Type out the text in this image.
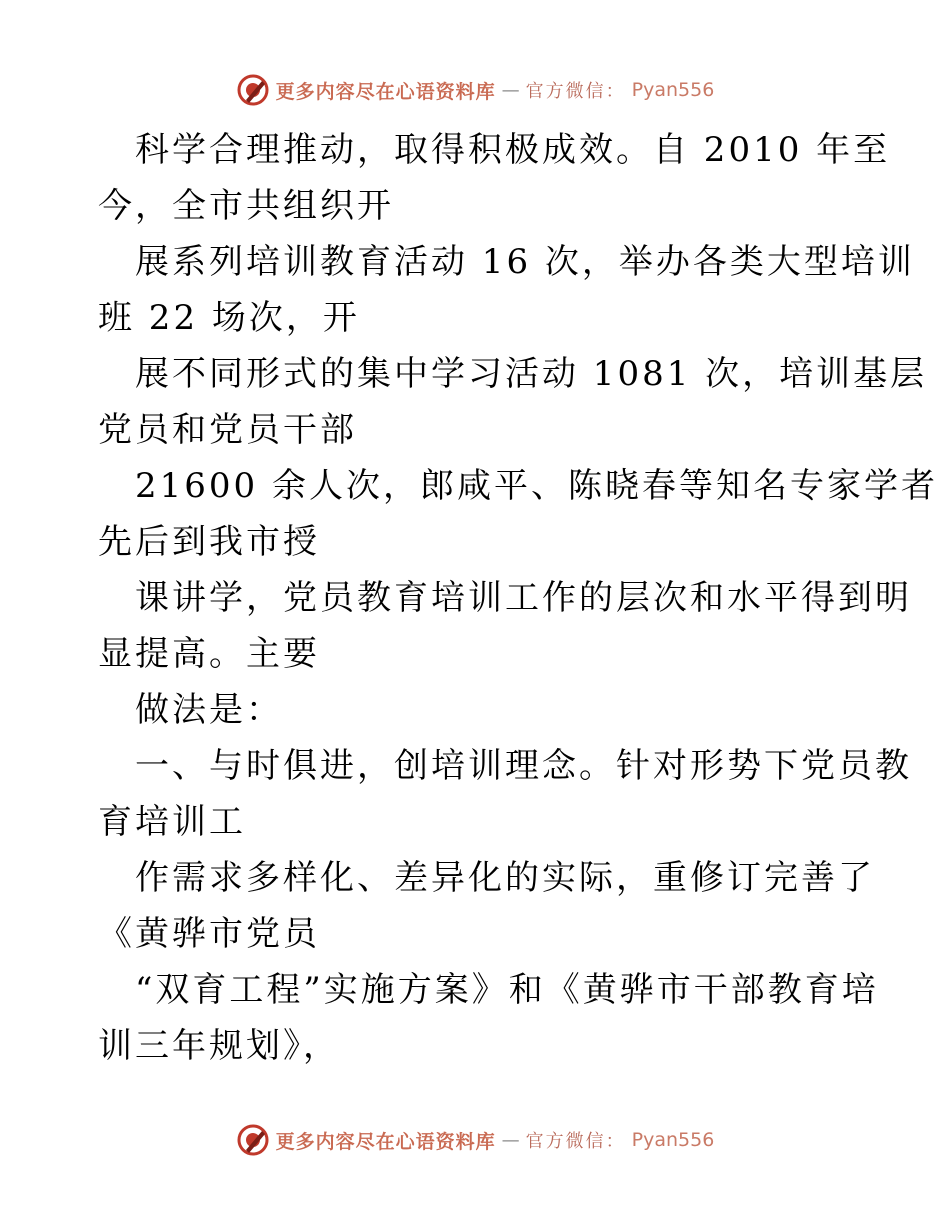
更多内容尽在心语资料库 — 官方微信： Pyan556
科学合理推动，取得积极成效。自 2010 年至
今，全市共组织开
展系列培训教育活动 16 次，举办各类大型培训
班 22 场次，开
展不同形式的集中学习活动 1081 次，培训基层
党员和党员干部
21600 余人次，郎咸平、陈晓春等知名专家学者
先后到我市授
课讲学，党员教育培训工作的层次和水平得到明
显提高。主要
做法是：
一、与时俱进，创培训理念。针对形势下党员教
育培训工
作需求多样化、差异化的实际，重修订完善了
《黄骅市党员
“双育工程”实施方案》和《黄骅市干部教育培
训三年规划》，
更多内容尽在心语资料库 — 官方微信： Pyan556
